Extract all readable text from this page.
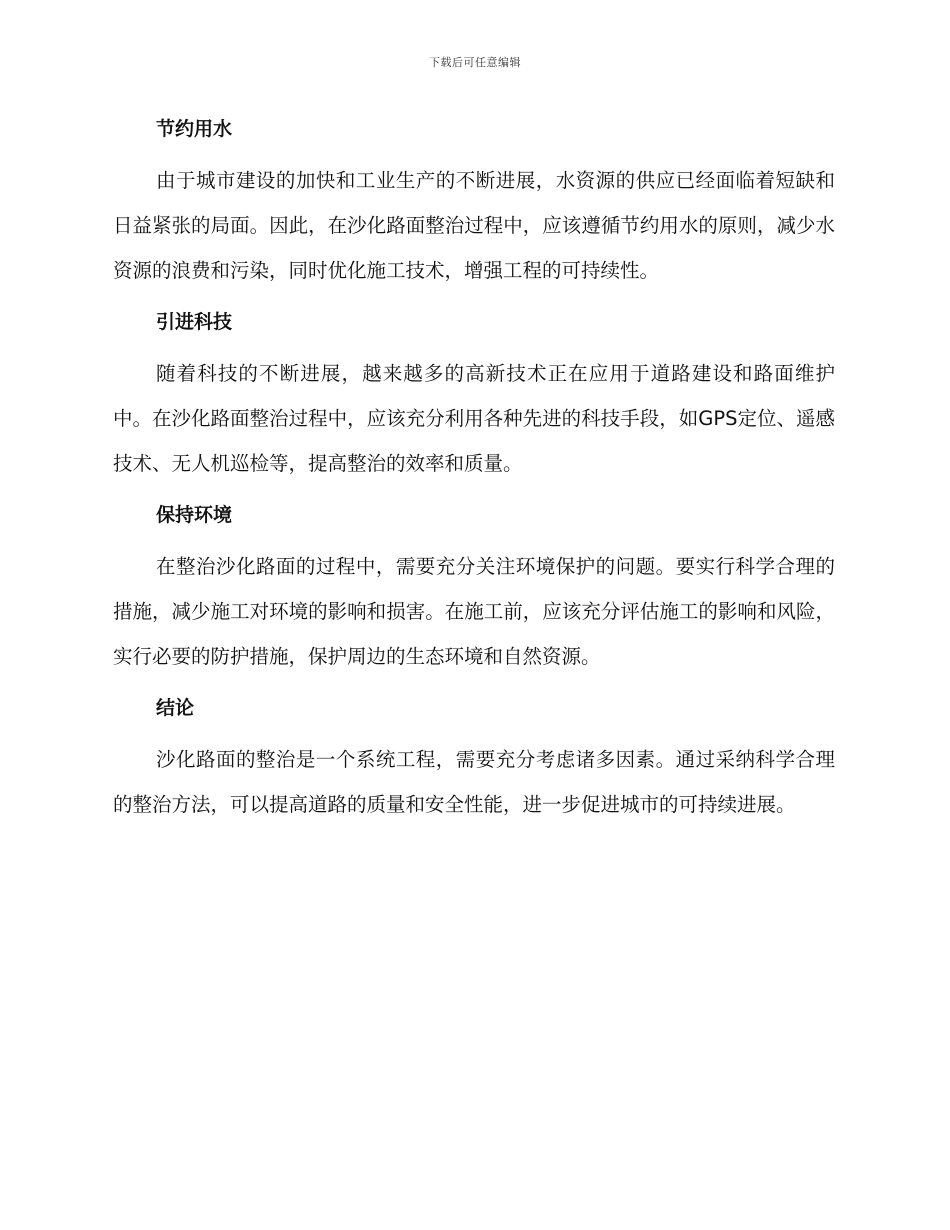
下载后可任意编辑
节约用水

由于城市建设的加快和工业生产的不断进展，水资源的供应已经面临着短缺和日益紧张的局面。因此，在沙化路面整治过程中，应该遵循节约用水的原则，减少水资源的浪费和污染，同时优化施工技术，增强工程的可持续性。

引进科技

随着科技的不断进展，越来越多的高新技术正在应用于道路建设和路面维护中。在沙化路面整治过程中，应该充分利用各种先进的科技手段，如GPS定位、遥感技术、无人机巡检等，提高整治的效率和质量。

保持环境

在整治沙化路面的过程中，需要充分关注环境保护的问题。要实行科学合理的措施，减少施工对环境的影响和损害。在施工前，应该充分评估施工的影响和风险，实行必要的防护措施，保护周边的生态环境和自然资源。

结论

沙化路面的整治是一个系统工程，需要充分考虑诸多因素。通过采纳科学合理的整治方法，可以提高道路的质量和安全性能，进一步促进城市的可持续进展。
